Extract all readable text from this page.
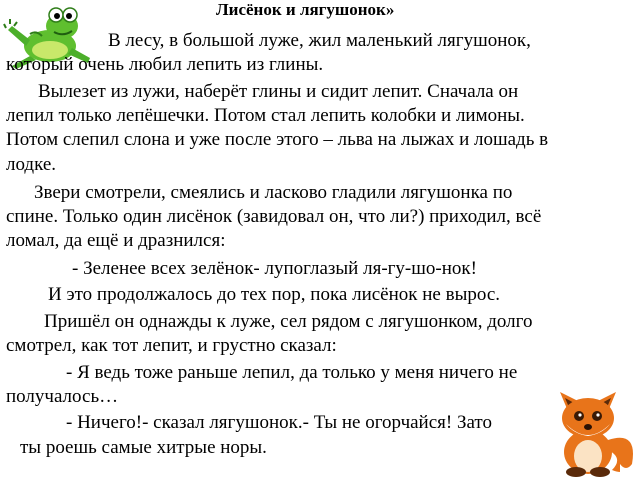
Лисёнок и лягушонок»
В лесу, в большой луже, жил маленький лягушонок,
который очень любил лепить из глины.
Вылезет из лужи, наберёт глины и сидит лепит. Сначала он
лепил только лепёшечки. Потом стал лепить колобки и лимоны.
Потом слепил слона и уже после этого – льва на лыжах и лошадь в
лодке.
Звери смотрели, смеялись и ласково гладили лягушонка по
спине. Только один лисёнок (завидовал он, что ли?) приходил, всё
ломал, да ещё и дразнился:
- Зеленее всех зелёнок- лупоглазый ля-гу-шо-нок!
И это продолжалось до тех пор, пока лисёнок не вырос.
Пришёл он однажды к луже, сел рядом с лягушонком, долго
смотрел, как тот лепит, и грустно сказал:
- Я ведь тоже раньше лепил, да только у меня ничего не
получалось…
- Ничего!- сказал лягушонок.- Ты не огорчайся! Зато
ты роешь самые хитрые норы.
